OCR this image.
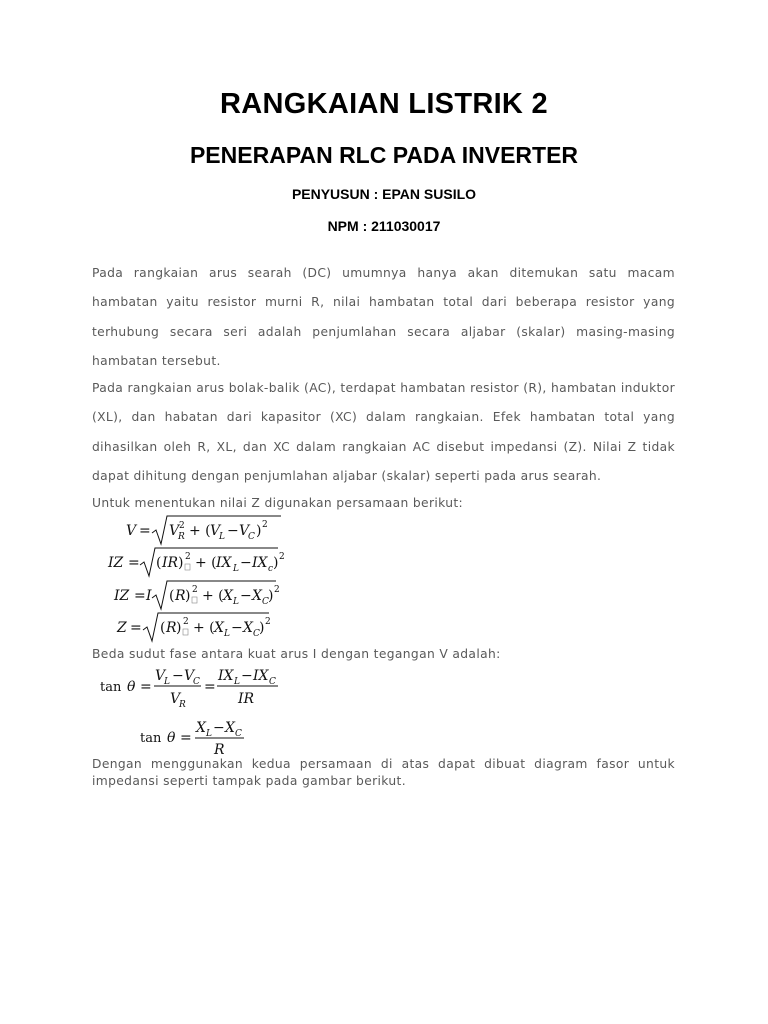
RANGKAIAN LISTRIK 2
PENERAPAN RLC PADA INVERTER
PENYUSUN : EPAN SUSILO
NPM : 211030017

Pada rangkaian arus searah (DC) umumnya hanya akan ditemukan satu macam hambatan yaitu resistor murni R, nilai hambatan total dari beberapa resistor yang terhubung secara seri adalah penjumlahan secara aljabar (skalar) masing-masing hambatan tersebut.

Pada rangkaian arus bolak-balik (AC), terdapat hambatan resistor (R), hambatan induktor (XL), dan habatan dari kapasitor (XC) dalam rangkaian. Efek hambatan total yang dihasilkan oleh R, XL, dan XC dalam rangkaian AC disebut impedansi (Z). Nilai Z tidak dapat dihitung dengan penjumlahan aljabar (skalar) seperti pada arus searah.

Untuk menentukan nilai Z digunakan persamaan berikut:

V = V
R
2 + ( V
L − V
C ) 2
IZ = ( IR ) 2 + ( IX L − IX c ) 2
IZ = I ( R ) 2 + ( X L − X C ) 2
Z = ( R ) 2 + ( X L − X C ) 2

Beda sudut fase antara kuat arus I dengan tegangan V adalah:

tan θ =
V
L − V
C
V
R
=
IX L − IX C
IR
tan θ =
X L − X C
R

Dengan menggunakan kedua persamaan di atas dapat dibuat diagram fasor untuk impedansi seperti tampak pada gambar berikut.
